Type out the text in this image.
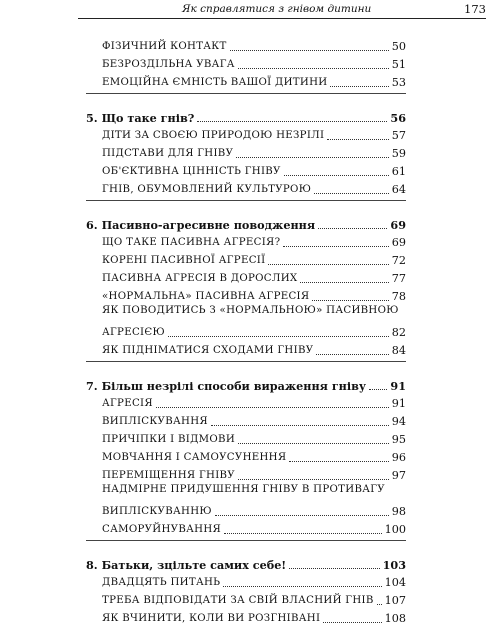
Як справлятися з гнівом дитини	173
ФІЗИЧНИЙ КОНТАКТ	50
БЕЗРОЗДІЛЬНА УВАГА	51
ЕМОЦІЙНА ЄМНІСТЬ ВАШОЇ ДИТИНИ	53
5. Що таке гнів?	56
ДІТИ ЗА СВОЄЮ ПРИРОДОЮ НЕЗРІЛІ	57
ПІДСТАВИ ДЛЯ ГНІВУ	59
ОБ'ЄКТИВНА ЦІННІСТЬ ГНІВУ	61
ГНІВ, ОБУМОВЛЕНИЙ КУЛЬТУРОЮ	64
6. Пасивно-агресивне поводження	69
ЩО ТАКЕ ПАСИВНА АГРЕСІЯ?	69
КОРЕНІ ПАСИВНОЇ АГРЕСІЇ	72
ПАСИВНА АГРЕСІЯ В ДОРОСЛИХ	77
«НОРМАЛЬНА» ПАСИВНА АГРЕСІЯ	78
ЯК ПОВОДИТИСЬ З «НОРМАЛЬНОЮ» ПАСИВНОЮ
АГРЕСІЄЮ	82
ЯК ПІДНІМАТИСЯ СХОДАМИ ГНІВУ	84
7. Більш незрілі способи вираження гніву 91
АГРЕСІЯ	91
ВИПЛІСКУВАННЯ	94
ПРИЧІПКИ І ВІДМОВИ	95
МОВЧАННЯ І САМОУСУНЕННЯ	96
ПЕРЕМІЩЕННЯ ГНІВУ	97
НАДМІРНЕ ПРИДУШЕННЯ ГНІВУ В ПРОТИВАГУ
ВИПЛІСКУВАННЮ	98
САМОРУЙНУВАННЯ	100
8. Батьки, зцільте самих себе!	103
ДВАДЦЯТЬ ПИТАНЬ	104
ТРЕБА ВІДПОВІДАТИ ЗА СВІЙ ВЛАСНИЙ ГНІВ 107
ЯК ВЧИНИТИ, КОЛИ ВИ РОЗГНІВАНІ	108
